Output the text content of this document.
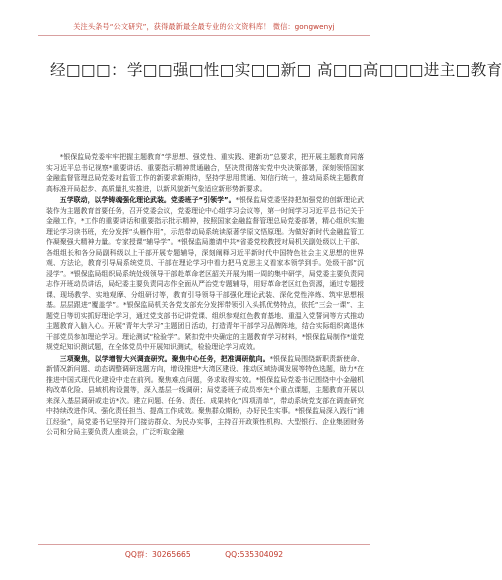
关注头条号“公文研究”，获得最新最全最专业的公文资料库！ 微信：gongwenyj
经□□□：学□□强□性□实□□新□ 高□□高□□□进主□教育

*银保监局党委牢牢把握主题教育“学思想、强党性、重实践、建新功”总要求，把开展主题教育同落实习近平总书记视察*重要讲话、重要指示精神贯通融合，坚决贯彻落实党中央决策部署，深刻领悟国家金融监督管理总局党委对监管工作的新要求新期待，坚持学思用贯通、知信行统一，推动局系统主题教育高标准开局起步、高质量扎实推进，以新风貌新气象适应新形势新要求。

五学联动，以学铸魂强化理论武装。党委班子“引领学”。*银保监局党委坚持把加强党的创新理论武装作为主题教育首要任务，召开党委会议，党委理论中心组学习会议等，第一时间学习习近平总书记关于金融工作，*工作的重要讲话和重要指示批示精神，按照国家金融监督管理总局党委部署，精心组织实施理论学习读书班，充分发挥“头雁作用”，示范带动局系统读原著学原文悟原理。为做好新时代金融监管工作凝聚强大精神力量。专家授课“辅导学”。*银保监局邀请中共*省委党校教授对局机关副处级以上干部、各组组长和各分局副科级以上干部开展专题辅导，深刻阐释习近平新时代中国特色社会主义思想的世界观、方法论，教育引导局系统党员、干部在理论学习中看力把马克思主义看家本领学到手。处级干部“沉浸学”。*银保监局组织局系统处级领导干部赴革命老区韶关开展为期一周的集中研学，局党委主要负责同志作开班动员讲话，局纪委主要负责同志作全面从严治党专题辅导，用好革命老区红色资源，通过专题授课、现场教学、实地观摩、分组研讨等，教育引导领导干部强化理论武装、深化党性淬炼、筑牢思想根基。层层跟进“覆盖学”。*银保监局机关各党支部充分发挥带领引入头抓优势特点，依托“三会一课”、主题党日等切实抓好理论学习，通过党支部书记讲党课、组织参观红色教育基地、重温入党誓词等方式推动主题教育入脑入心。开展“青年大学习”主题团日活动，打造青年干部学习品牌阵地，结合实际组织离退休干部党员参加理论学习。理论测试“检验学”。紧扣党中央确定的主题教育学习材料，*银保监局制作*道党规党纪知识测试题，在全体党员中开展知识测试，检验理论学习成效。

三项聚焦，以学增智大兴调查研究。聚焦中心任务，把准调研航向。*银保监局围绕新职责新使命、新情况新问题、动态调整调研选题方向，增设推进*大湾区建设、推动区域协调发展等特色选题，助力*在推进中国式现代化建设中走在前列。聚焦难点问题，务求取得实效。*银保监局党委书记围绕中小金融机构改革化险、县域机构设置等，深入基层一线调研；局党委班子成员率先*个重点课题，主题教育开展以来深入基层调研或走访*次。建立问题、任务、责任、成果转化“四项清单”，带动系统党支部在调查研究中持续改进作风、强化责任担当、提高工作成效。聚焦群众期盼，办好民生实事。*银保监局深入践行“浦江经验”，局党委书记坚持开门接访群众、为民办实事，主持召开政策性机构、大型银行、企业集团财务公司和分局主要负责人座谈会，广泛听取金融

QQ群：30265665	QQ:535304092
